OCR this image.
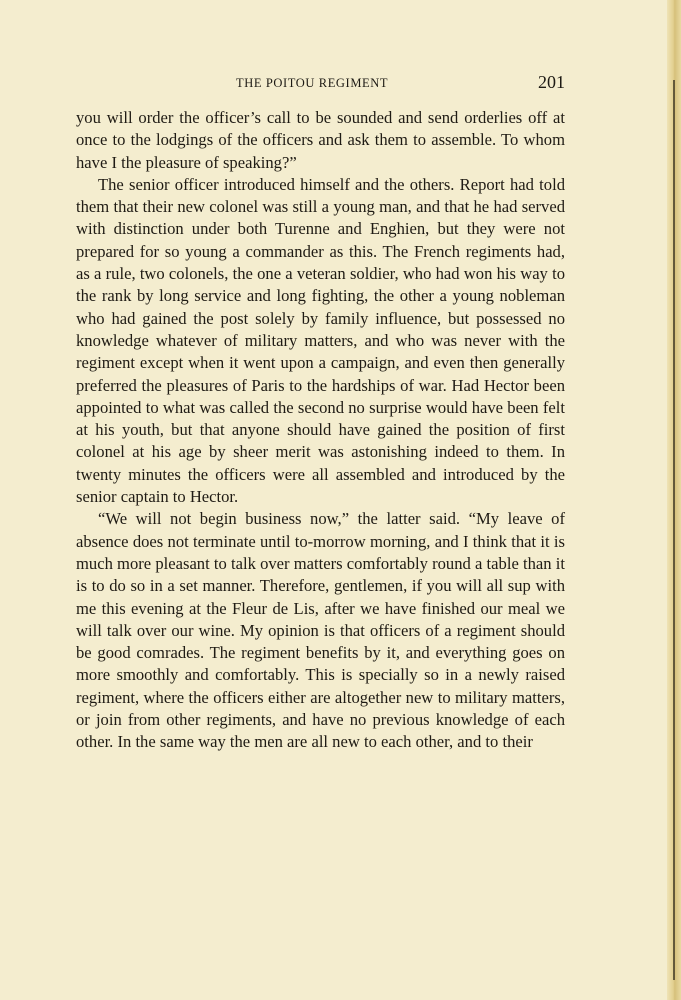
THE POITOU REGIMENT	201

you will order the officer’s call to be sounded and send orderlies off at once to the lodgings of the officers and ask them to assemble. To whom have I the pleasure of speaking?”

The senior officer introduced himself and the others. Report had told them that their new colonel was still a young man, and that he had served with distinction under both Turenne and Enghien, but they were not prepared for so young a commander as this. The French regiments had, as a rule, two colonels, the one a veteran soldier, who had won his way to the rank by long service and long fighting, the other a young nobleman who had gained the post solely by family influence, but possessed no knowledge whatever of military matters, and who was never with the regiment except when it went upon a campaign, and even then generally preferred the pleasures of Paris to the hardships of war. Had Hector been appointed to what was called the second no surprise would have been felt at his youth, but that anyone should have gained the position of first colonel at his age by sheer merit was astonishing indeed to them. In twenty minutes the officers were all assembled and introduced by the senior captain to Hector.

“We will not begin business now,” the latter said. “My leave of absence does not terminate until to-morrow morning, and I think that it is much more pleasant to talk over matters comfortably round a table than it is to do so in a set manner. Therefore, gentlemen, if you will all sup with me this evening at the Fleur de Lis, after we have finished our meal we will talk over our wine. My opinion is that officers of a regiment should be good comrades. The regiment benefits by it, and everything goes on more smoothly and comfortably. This is specially so in a newly raised regiment, where the officers either are altogether new to military matters, or join from other regiments, and have no previous knowledge of each other. In the same way the men are all new to each other, and to their
